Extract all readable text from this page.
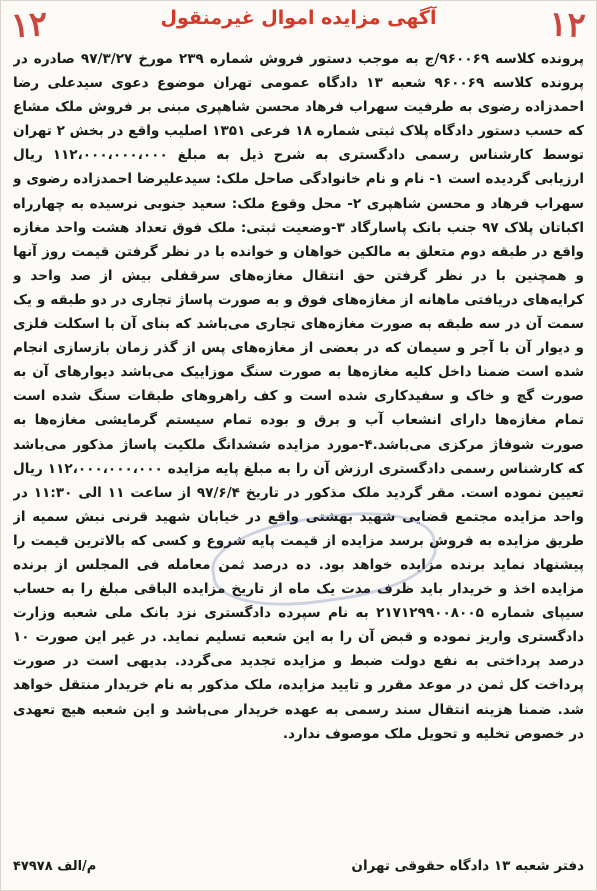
۱۲	۱۲
آگهی مزایده اموال غیرمنقول
پرونده کلاسه ۹۶۰۰۶۹/ج به موجب دستور فروش شماره ۲۳۹ مورخ ۹۷/۳/۲۷ صادره در پرونده کلاسه ۹۶۰۰۶۹ شعبه ۱۳ دادگاه عمومی تهران موضوع دعوی سیدعلی رضا احمدزاده رضوی به طرفیت سهراب فرهاد محسن شاهپری مبنی بر فروش ملک مشاع که حسب دستور دادگاه پلاک ثبتی شماره ۱۸ فرعی ۱۳۵۱ اصلیب واقع در بخش ۲ تهران توسط کارشناس رسمی دادگستری به شرح ذیل به مبلغ ۱۱۲،۰۰۰،۰۰۰،۰۰۰ ریال ارزیابی گردیده است ۱- نام و نام خانوادگی صاحل ملک: سیدعلیرضا احمدزاده رضوی و سهراب فرهاد و محسن شاهپری ۲- محل وقوع ملک: سعید جنوبی نرسیده به چهارراه اکباتان پلاک ۹۷ جنب بانک پاسارگاد ۳-وضعیت ثبتی: ملک فوق تعداد هشت واحد مغازه واقع در طبقه دوم متعلق به مالکین خواهان و خوانده با در نظر گرفتن قیمت روز آنها و همچنین با در نظر گرفتن حق انتقال مغازه‌های سرقفلی بیش از صد واحد و کرایه‌های دریافتی ماهانه از مغازه‌های فوق و به صورت پاساژ تجاری در دو طبقه و یک سمت آن در سه طبقه به صورت مغازه‌های تجاری می‌باشد که بنای آن با اسکلت فلزی و دیوار آن با آجر و سیمان که در بعضی از مغازه‌های پس از گذر زمان بازسازی انجام شده است ضمنا داخل کلیه مغازه‌ها به صورت سنگ موزاییک می‌باشد دیوارهای آن به صورت گچ و خاک و سفیدکاری شده است و کف راهروهای طبقات سنگ شده است تمام مغازه‌ها دارای انشعاب آب و برق و بوده تمام سیستم گرمایشی مغازه‌ها به صورت شوفاژ مرکزی می‌باشد.۴-مورد مزایده ششدانگ ملکیت پاساژ مذکور می‌باشد که کارشناس رسمی دادگستری ارزش آن را به مبلغ پایه مزایده ۱۱۲،۰۰۰،۰۰۰،۰۰۰ ریال تعیین نموده است. مقر گردید ملک مذکور در تاریخ ۹۷/۶/۴ از ساعت ۱۱ الی ۱۱:۳۰ در واحد مزایده مجتمع قضایی شهید بهشتی واقع در خیابان شهید قرنی نبش سمیه از طریق مزایده به فروش برسد مزایده از قیمت پایه شروع و کسی که بالاترین قیمت را پیشنهاد نماید برنده مزایده خواهد بود. ده درصد ثمن معامله فی المجلس از برنده مزایده اخذ و خریدار باید ظرف مدت یک ماه از تاریخ مزایده الباقی مبلغ را به حساب سیپای شماره ۲۱۷۱۲۹۹۰۰۸۰۰۵ به نام سپرده دادگستری نزد بانک ملی شعبه وزارت دادگستری واریز نموده و قبض آن را به این شعبه تسلیم نماید. در غیر این صورت ۱۰ درصد پرداختی به نفع دولت ضبط و مزایده تجدید می‌گردد. بدیهی است در صورت پرداخت کل ثمن در موعد مقرر و تایید مزایده، ملک مذکور به نام خریدار منتقل خواهد شد. ضمنا هزینه انتقال سند رسمی به عهده خریدار می‌باشد و این شعبه هیچ تعهدی در خصوص تخلیه و تحویل ملک موصوف ندارد.
دفتر شعبه ۱۳ دادگاه حقوقی تهران
م/الف ۴۷۹۷۸
